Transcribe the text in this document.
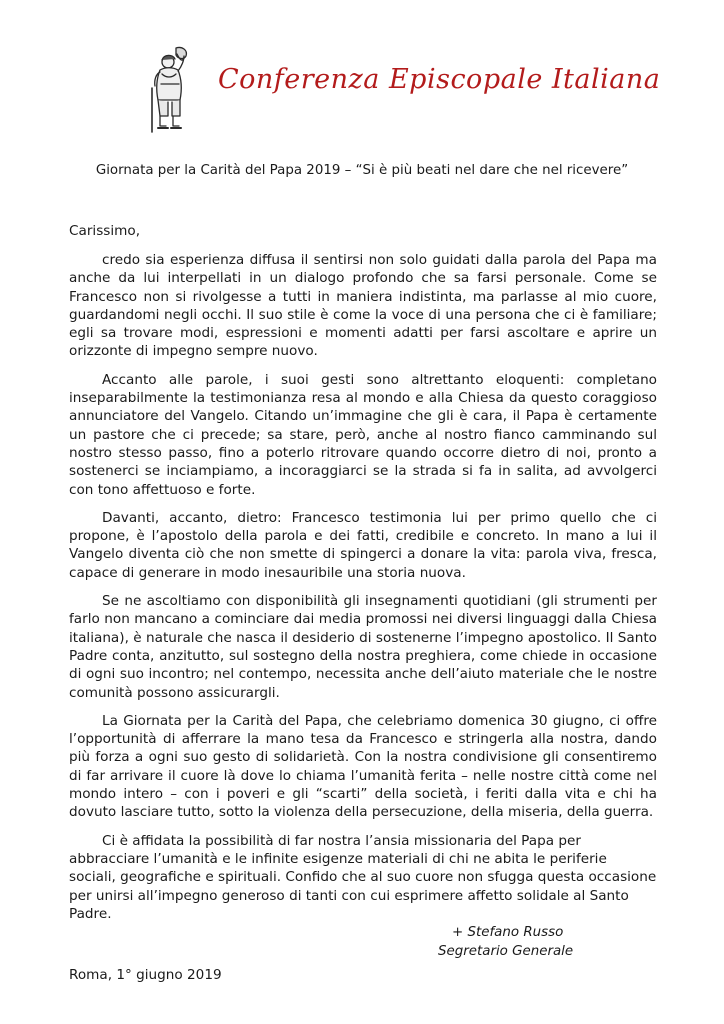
Conferenza Episcopale Italiana
Giornata per la Carità del Papa 2019 – “Si è più beati nel dare che nel ricevere”
Carissimo,

credo sia esperienza diffusa il sentirsi non solo guidati dalla parola del Papa ma anche da lui interpellati in un dialogo profondo che sa farsi personale. Come se Francesco non si rivolgesse a tutti in maniera indistinta, ma parlasse al mio cuore, guardandomi negli occhi. Il suo stile è come la voce di una persona che ci è familiare; egli sa trovare modi, espressioni e momenti adatti per farsi ascoltare e aprire un orizzonte di impegno sempre nuovo.

Accanto alle parole, i suoi gesti sono altrettanto eloquenti: completano inseparabilmente la testimonianza resa al mondo e alla Chiesa da questo coraggioso annunciatore del Vangelo. Citando un’immagine che gli è cara, il Papa è certamente un pastore che ci precede; sa stare, però, anche al nostro fianco camminando sul nostro stesso passo, fino a poterlo ritrovare quando occorre dietro di noi, pronto a sostenerci se inciampiamo, a incoraggiarci se la strada si fa in salita, ad avvolgerci con tono affettuoso e forte.

Davanti, accanto, dietro: Francesco testimonia lui per primo quello che ci propone, è l’apostolo della parola e dei fatti, credibile e concreto. In mano a lui il Vangelo diventa ciò che non smette di spingerci a donare la vita: parola viva, fresca, capace di generare in modo inesauribile una storia nuova.

Se ne ascoltiamo con disponibilità gli insegnamenti quotidiani (gli strumenti per farlo non mancano a cominciare dai media promossi nei diversi linguaggi dalla Chiesa italiana), è naturale che nasca il desiderio di sostenerne l’impegno apostolico. Il Santo Padre conta, anzitutto, sul sostegno della nostra preghiera, come chiede in occasione di ogni suo incontro; nel contempo, necessita anche dell’aiuto materiale che le nostre comunità possono assicurargli.

La Giornata per la Carità del Papa, che celebriamo domenica 30 giugno, ci offre l’opportunità di afferrare la mano tesa da Francesco e stringerla alla nostra, dando più forza a ogni suo gesto di solidarietà. Con la nostra condivisione gli consentiremo di far arrivare il cuore là dove lo chiama l’umanità ferita – nelle nostre città come nel mondo intero – con i poveri e gli “scarti” della società, i feriti dalla vita e chi ha dovuto lasciare tutto, sotto la violenza della persecuzione, della miseria, della guerra.

Ci è affidata la possibilità di far nostra l’ansia missionaria del Papa per abbracciare l’umanità e le infinite esigenze materiali di chi ne abita le periferie sociali, geografiche e spirituali. Confido che al suo cuore non sfugga questa occasione per unirsi all’impegno generoso di tanti con cui esprimere affetto solidale al Santo Padre.

+ Stefano Russo
Segretario Generale
Roma, 1° giugno 2019
